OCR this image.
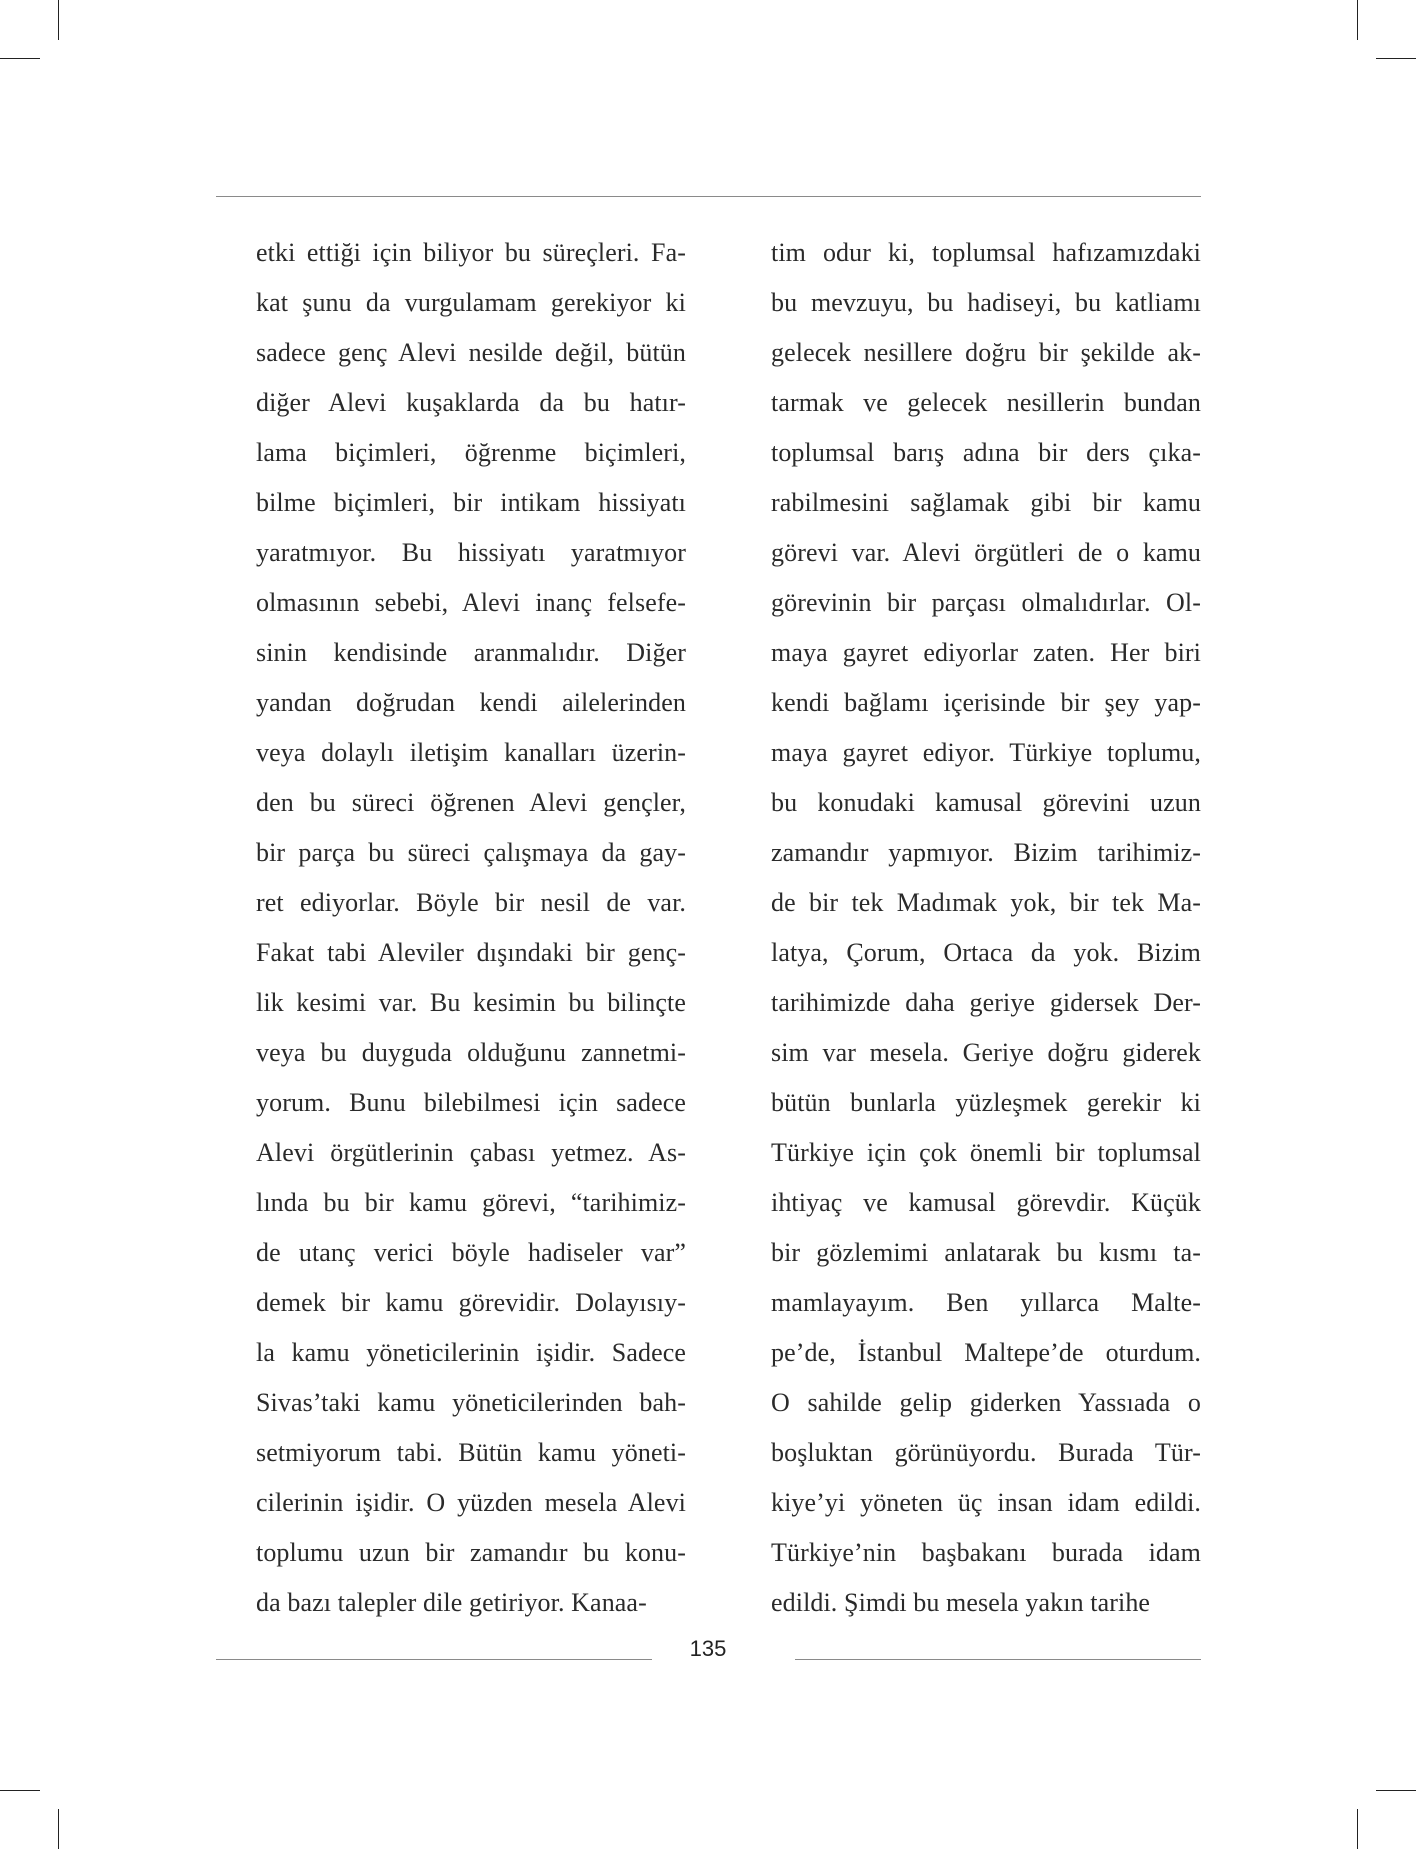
etki ettiği için biliyor bu süreçleri. Fa-
kat şunu da vurgulamam gerekiyor ki
sadece genç Alevi nesilde değil, bütün
diğer Alevi kuşaklarda da bu hatır-
lama biçimleri, öğrenme biçimleri,
bilme biçimleri, bir intikam hissiyatı
yaratmıyor. Bu hissiyatı yaratmıyor
olmasının sebebi, Alevi inanç felsefe-
sinin kendisinde aranmalıdır. Diğer
yandan doğrudan kendi ailelerinden
veya dolaylı iletişim kanalları üzerin-
den bu süreci öğrenen Alevi gençler,
bir parça bu süreci çalışmaya da gay-
ret ediyorlar. Böyle bir nesil de var.
Fakat tabi Aleviler dışındaki bir genç-
lik kesimi var. Bu kesimin bu bilinçte
veya bu duyguda olduğunu zannetmi-
yorum. Bunu bilebilmesi için sadece
Alevi örgütlerinin çabası yetmez. As-
lında bu bir kamu görevi, “tarihimiz-
de utanç verici böyle hadiseler var”
demek bir kamu görevidir. Dolayısıy-
la kamu yöneticilerinin işidir. Sadece
Sivas’taki kamu yöneticilerinden bah-
setmiyorum tabi. Bütün kamu yöneti-
cilerinin işidir. O yüzden mesela Alevi
toplumu uzun bir zamandır bu konu-
da bazı talepler dile getiriyor. Kanaa-
tim odur ki, toplumsal hafızamızdaki
bu mevzuyu, bu hadiseyi, bu katliamı
gelecek nesillere doğru bir şekilde ak-
tarmak ve gelecek nesillerin bundan
toplumsal barış adına bir ders çıka-
rabilmesini sağlamak gibi bir kamu
görevi var. Alevi örgütleri de o kamu
görevinin bir parçası olmalıdırlar. Ol-
maya gayret ediyorlar zaten. Her biri
kendi bağlamı içerisinde bir şey yap-
maya gayret ediyor. Türkiye toplumu,
bu konudaki kamusal görevini uzun
zamandır yapmıyor. Bizim tarihimiz-
de bir tek Madımak yok, bir tek Ma-
latya, Çorum, Ortaca da yok. Bizim
tarihimizde daha geriye gidersek Der-
sim var mesela. Geriye doğru giderek
bütün bunlarla yüzleşmek gerekir ki
Türkiye için çok önemli bir toplumsal
ihtiyaç ve kamusal görevdir. Küçük
bir gözlemimi anlatarak bu kısmı ta-
mamlayayım. Ben yıllarca Malte-
pe’de, İstanbul Maltepe’de oturdum.
O sahilde gelip giderken Yassıada o
boşluktan görünüyordu. Burada Tür-
kiye’yi yöneten üç insan idam edildi.
Türkiye’nin başbakanı burada idam
edildi. Şimdi bu mesela yakın tarihe
135
